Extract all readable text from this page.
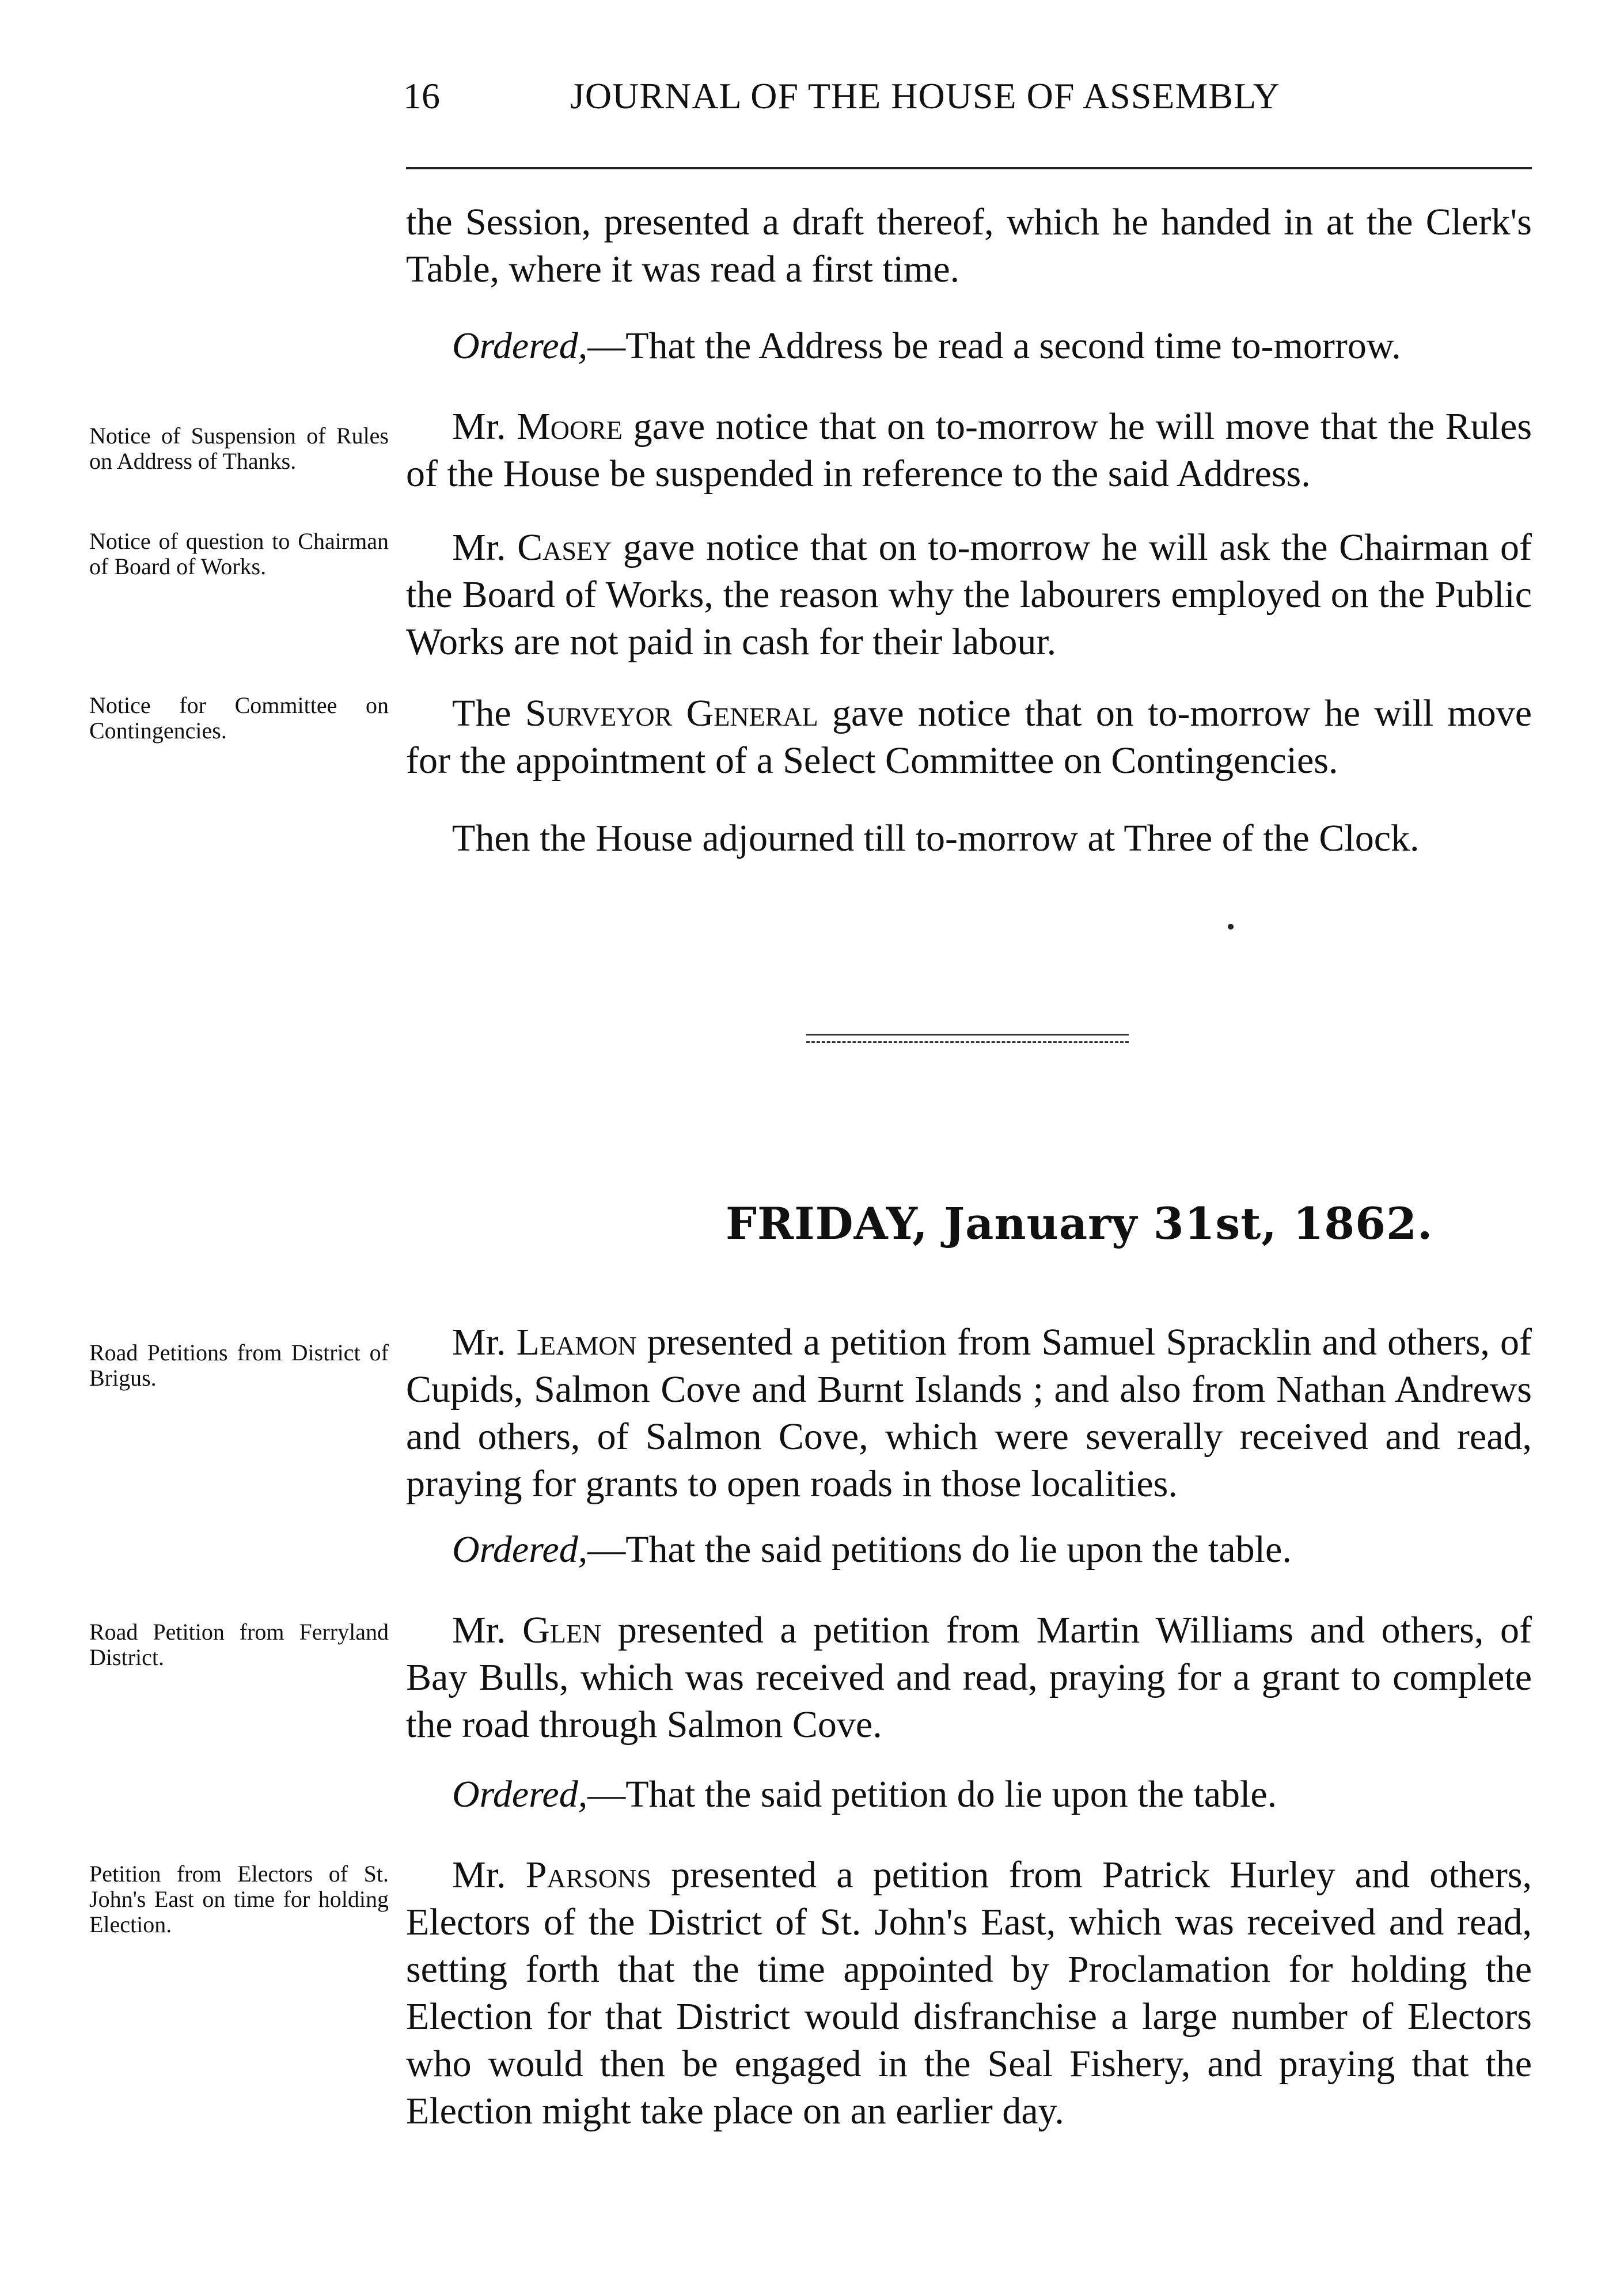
16	JOURNAL OF THE HOUSE OF ASSEMBLY

the Session, presented a draft thereof, which he handed in at the Clerk's Table, where it was read a first time.

Ordered,—That the Address be read a second time to-morrow.

Notice of Suspension of Rules on Address of Thanks.

Mr. Moore gave notice that on to-morrow he will move that the Rules of the House be suspended in reference to the said Address.

Notice of question to Chairman of Board of Works.	Mr. Casey gave notice that on to-morrow he will ask the Chairman of the Board of Works, the reason why the labourers employed on the Public Works are not paid in cash for their labour.

Notice for Committee on Contingencies.	The Surveyor General gave notice that on to-morrow he will move for the appointment of a Select Committee on Contingencies.

Then the House adjourned till to-morrow at Three of the Clock.

FRIDAY, January 31st, 1862.
Road Petitions from District of Brigus.

Mr. Leamon presented a petition from Samuel Spracklin and others, of Cupids, Salmon Cove and Burnt Islands ; and also from Nathan Andrews and others, of Salmon Cove, which were severally received and read, praying for grants to open roads in those localities.

Ordered,—That the said petitions do lie upon the table.

Road Petition from Ferryland District.

Mr. Glen presented a petition from Martin Williams and others, of Bay Bulls, which was received and read, praying for a grant to complete the road through Salmon Cove.

Ordered,—That the said petition do lie upon the table.

Petition from Electors of St. John's East on time for holding Election.

Mr. Parsons presented a petition from Patrick Hurley and others, Electors of the District of St. John's East, which was received and read, setting forth that the time appointed by Proclamation for holding the Election for that District would disfranchise a large number of Electors who would then be engaged in the Seal Fishery, and praying that the Election might take place on an earlier day.
